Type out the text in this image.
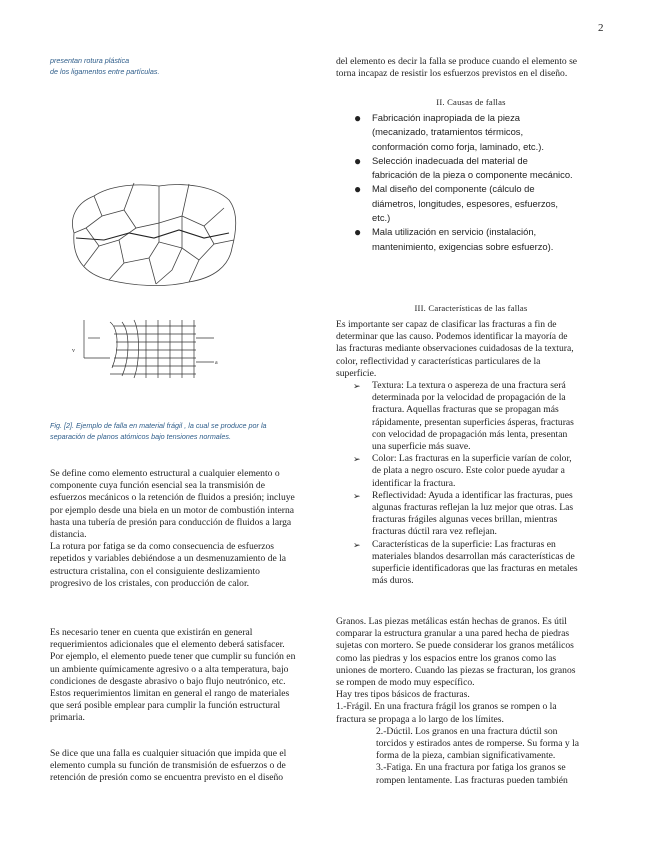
2
presentan rotura plástica
de los ligamentos entre partículas.
v
a
Fig. [2]. Ejemplo de falla en material frágil , la cual se produce por la
separación de planos atómicos bajo tensiones normales.

Se define como elemento estructural a cualquier elemento o

componente cuya función esencial sea la transmisión de

esfuerzos mecánicos o la retención de fluidos a presión; incluye

por ejemplo desde una biela en un motor de combustión interna

hasta una tubería de presión para conducción de fluidos a larga

distancia.

La rotura por fatiga se da como consecuencia de esfuerzos

repetidos y variables debiéndose a un desmenuzamiento de la

estructura cristalina, con el consiguiente deslizamiento

progresivo de los cristales, con producción de calor.

Es necesario tener en cuenta que existirán en general

requerimientos adicionales que el elemento deberá satisfacer.

Por ejemplo, el elemento puede tener que cumplir su función en

un ambiente químicamente agresivo o a alta temperatura, bajo

condiciones de desgaste abrasivo o bajo flujo neutrónico, etc.

Estos requerimientos limitan en general el rango de materiales

que será posible emplear para cumplir la función estructural

primaria.

Se dice que una falla es cualquier situación que impida que el

elemento cumpla su función de transmisión de esfuerzos o de

retención de presión como se encuentra previsto en el diseño

del elemento es decir la falla se produce cuando el elemento se

torna incapaz de resistir los esfuerzos previstos en el diseño.

II. Causas de fallas
● Fabricación inapropiada de la pieza
(mecanizado, tratamientos térmicos,
conformación como forja, laminado, etc.).
● Selección inadecuada del material de
fabricación de la pieza o componente mecánico.
● Mal diseño del componente (cálculo de
diámetros, longitudes, espesores, esfuerzos,
etc.)
● Mala utilización en servicio (instalación,
mantenimiento, exigencias sobre esfuerzo).
III. Características de las fallas

Es importante ser capaz de clasificar las fracturas a fin de

determinar que las causo. Podemos identificar la mayoría de

las fracturas mediante observaciones cuidadosas de la textura,

color, reflectividad y características particulares de la

superficie.

➢ Textura: La textura o aspereza de una fractura será

determinada por la velocidad de propagación de la

fractura. Aquellas fracturas que se propagan más

rápidamente, presentan superficies ásperas, fracturas

con velocidad de propagación más lenta, presentan

una superficie más suave.

➢ Color: Las fracturas en la superficie varían de color,

de plata a negro oscuro. Este color puede ayudar a

identificar la fractura.

➢ Reflectividad: Ayuda a identificar las fracturas, pues

algunas fracturas reflejan la luz mejor que otras. Las

fracturas frágiles algunas veces brillan, mientras

fracturas dúctil rara vez reflejan.

➢ Características de la superficie: Las fracturas en

materiales blandos desarrollan más características de

superficie identificadoras que las fracturas en metales

más duros.

Granos. Las piezas metálicas están hechas de granos. Es útil

comparar la estructura granular a una pared hecha de piedras

sujetas con mortero. Se puede considerar los granos metálicos

como las piedras y los espacios entre los granos como las

uniones de mortero. Cuando las piezas se fracturan, los granos

se rompen de modo muy específico.

Hay tres tipos básicos de fracturas.

1.-Frágil. En una fractura frágil los granos se rompen o la

fractura se propaga a lo largo de los límites.

2.-Dúctil. Los granos en una fractura dúctil son

torcidos y estirados antes de romperse. Su forma y la

forma de la pieza, cambian significativamente.

3.-Fatiga. En una fractura por fatiga los granos se

rompen lentamente. Las fracturas pueden también
